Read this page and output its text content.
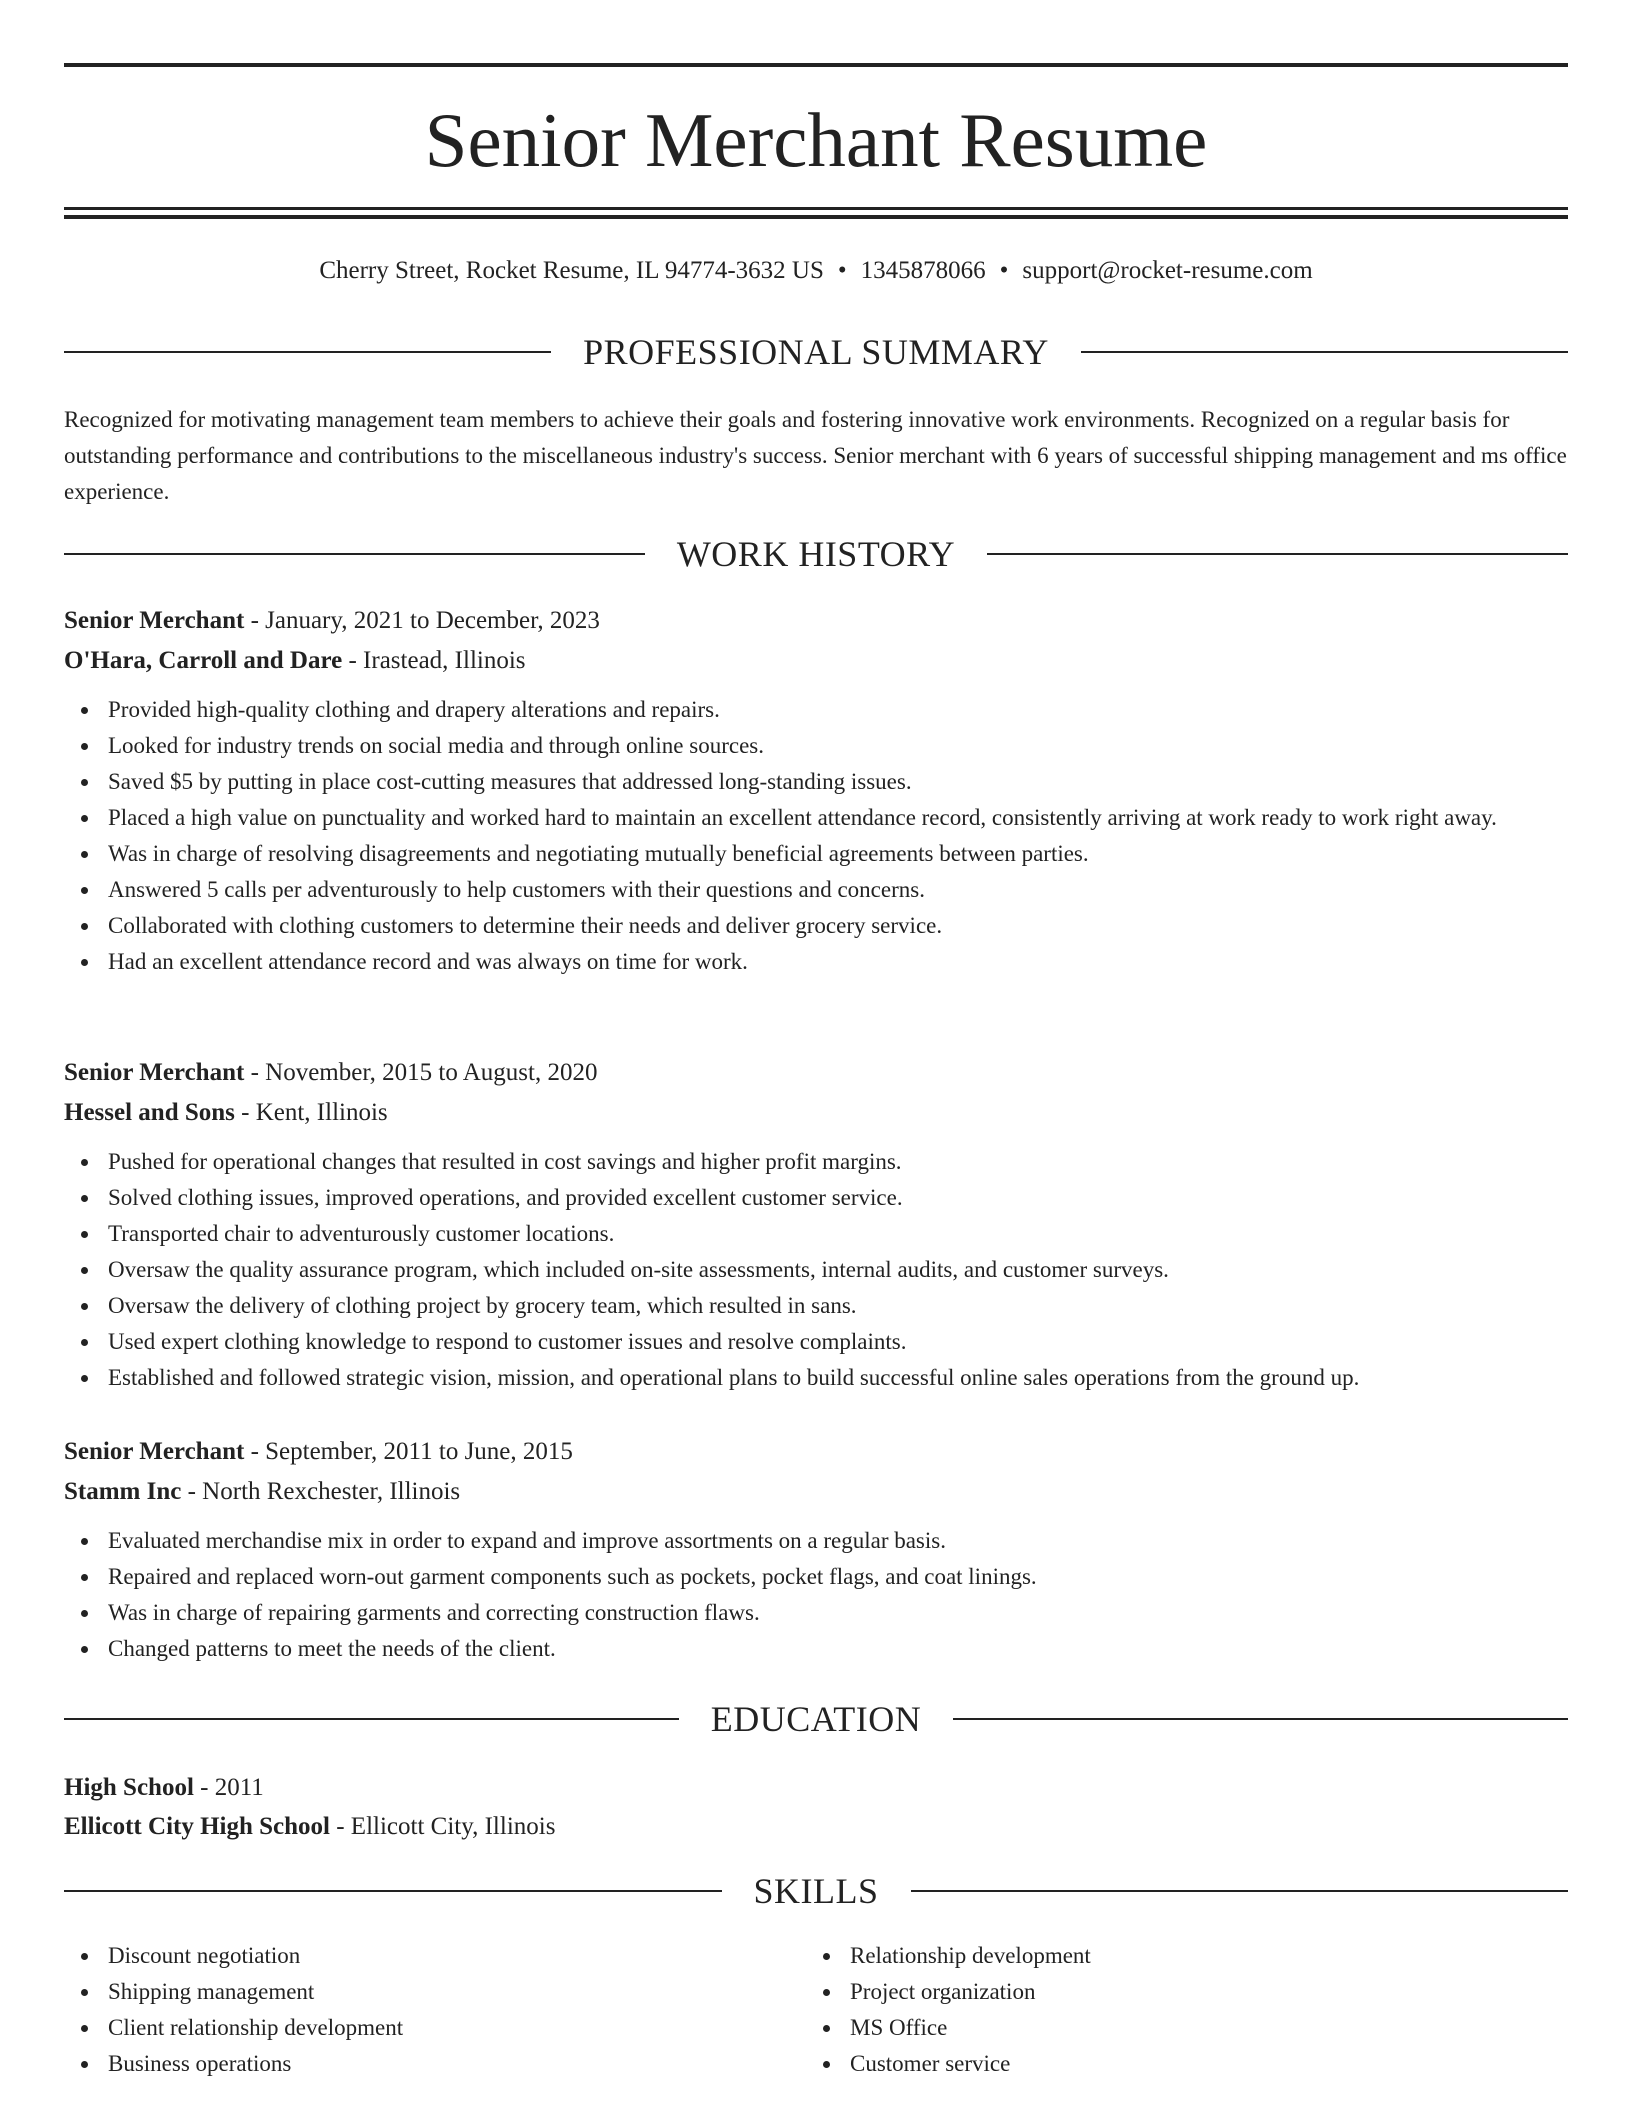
Senior Merchant Resume
Cherry Street, Rocket Resume, IL 94774-3632 US • 1345878066 • support@rocket-resume.com
PROFESSIONAL SUMMARY

Recognized for motivating management team members to achieve their goals and fostering innovative work environments. Recognized on a regular basis for outstanding performance and contributions to the miscellaneous industry's success. Senior merchant with 6 years of successful shipping management and ms office experience.

WORK HISTORY
Senior Merchant - January, 2021 to December, 2023
O'Hara, Carroll and Dare - Irastead, Illinois
Provided high-quality clothing and drapery alterations and repairs.
Looked for industry trends on social media and through online sources.
Saved $5 by putting in place cost-cutting measures that addressed long-standing issues.
Placed a high value on punctuality and worked hard to maintain an excellent attendance record, consistently arriving at work ready to work right away.
Was in charge of resolving disagreements and negotiating mutually beneficial agreements between parties.
Answered 5 calls per adventurously to help customers with their questions and concerns.
Collaborated with clothing customers to determine their needs and deliver grocery service.
Had an excellent attendance record and was always on time for work.
Senior Merchant - November, 2015 to August, 2020
Hessel and Sons - Kent, Illinois
Pushed for operational changes that resulted in cost savings and higher profit margins.
Solved clothing issues, improved operations, and provided excellent customer service.
Transported chair to adventurously customer locations.
Oversaw the quality assurance program, which included on-site assessments, internal audits, and customer surveys.
Oversaw the delivery of clothing project by grocery team, which resulted in sans.
Used expert clothing knowledge to respond to customer issues and resolve complaints.
Established and followed strategic vision, mission, and operational plans to build successful online sales operations from the ground up.
Senior Merchant - September, 2011 to June, 2015
Stamm Inc - North Rexchester, Illinois
Evaluated merchandise mix in order to expand and improve assortments on a regular basis.
Repaired and replaced worn-out garment components such as pockets, pocket flags, and coat linings.
Was in charge of repairing garments and correcting construction flaws.
Changed patterns to meet the needs of the client.
EDUCATION
High School - 2011
Ellicott City High School - Ellicott City, Illinois
SKILLS
Discount negotiation
Shipping management
Client relationship development
Business operations
Relationship development
Project organization
MS Office
Customer service
